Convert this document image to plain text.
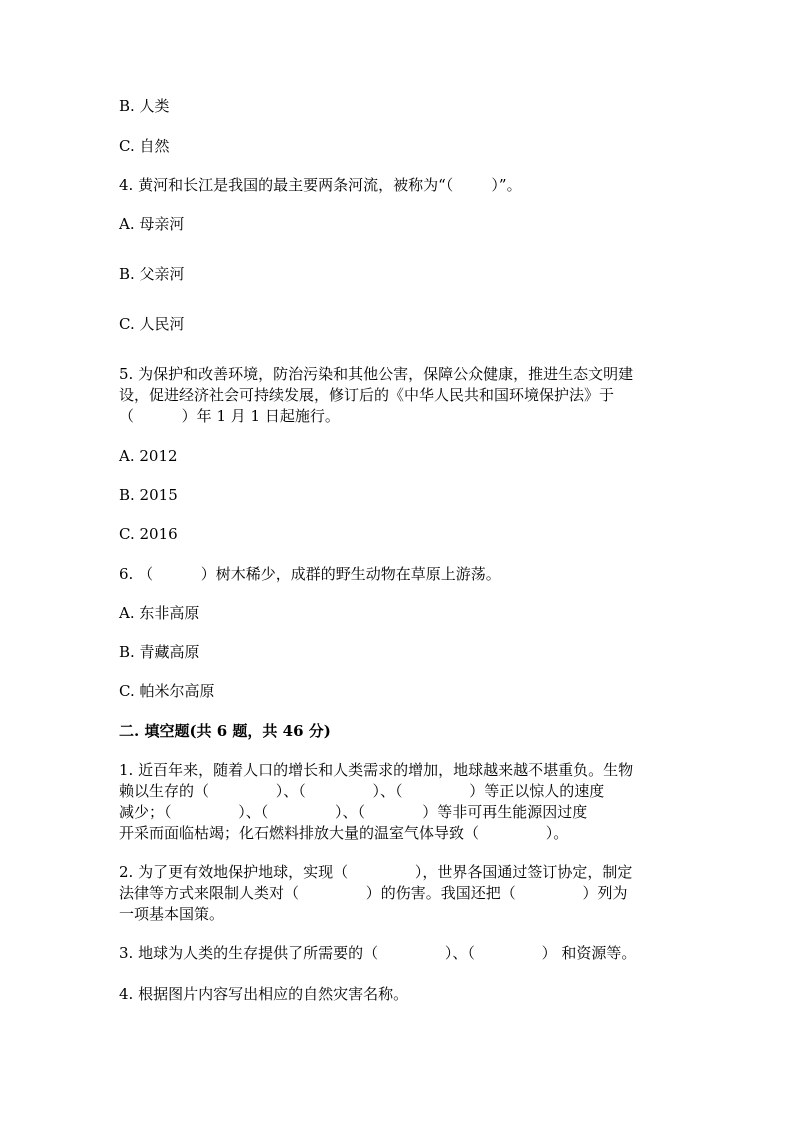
B. 人类
C. 自然
4. 黄河和长江是我国的最主要两条河流，被称为“（        ）”。
A. 母亲河
B. 父亲河
C. 人民河
5. 为保护和改善环境，防治污染和其他公害，保障公众健康，推进生态文明建
设，促进经济社会可持续发展，修订后的《中华人民共和国环境保护法》于
（          ）年 1 月 1 日起施行。
A. 2012
B. 2015
C. 2016
6. （          ）树木稀少，成群的野生动物在草原上游荡。
A. 东非高原
B. 青藏高原
C. 帕米尔高原
二. 填空题(共 6 题，共 46 分)
1. 近百年来，随着人口的增长和人类需求的增加，地球越来越不堪重负。生物
赖以生存的（              ）、（              ）、（              ）等正以惊人的速度
减少；（              ）、（              ）、（            ）等非可再生能源因过度
开采而面临枯竭；化石燃料排放大量的温室气体导致（              ）。
2. 为了更有效地保护地球，实现（              ），世界各国通过签订协定，制定
法律等方式来限制人类对（              ）的伤害。我国还把（              ）列为
一项基本国策。
3. 地球为人类的生存提供了所需要的（              ）、（              ） 和资源等。
4. 根据图片内容写出相应的自然灾害名称。
